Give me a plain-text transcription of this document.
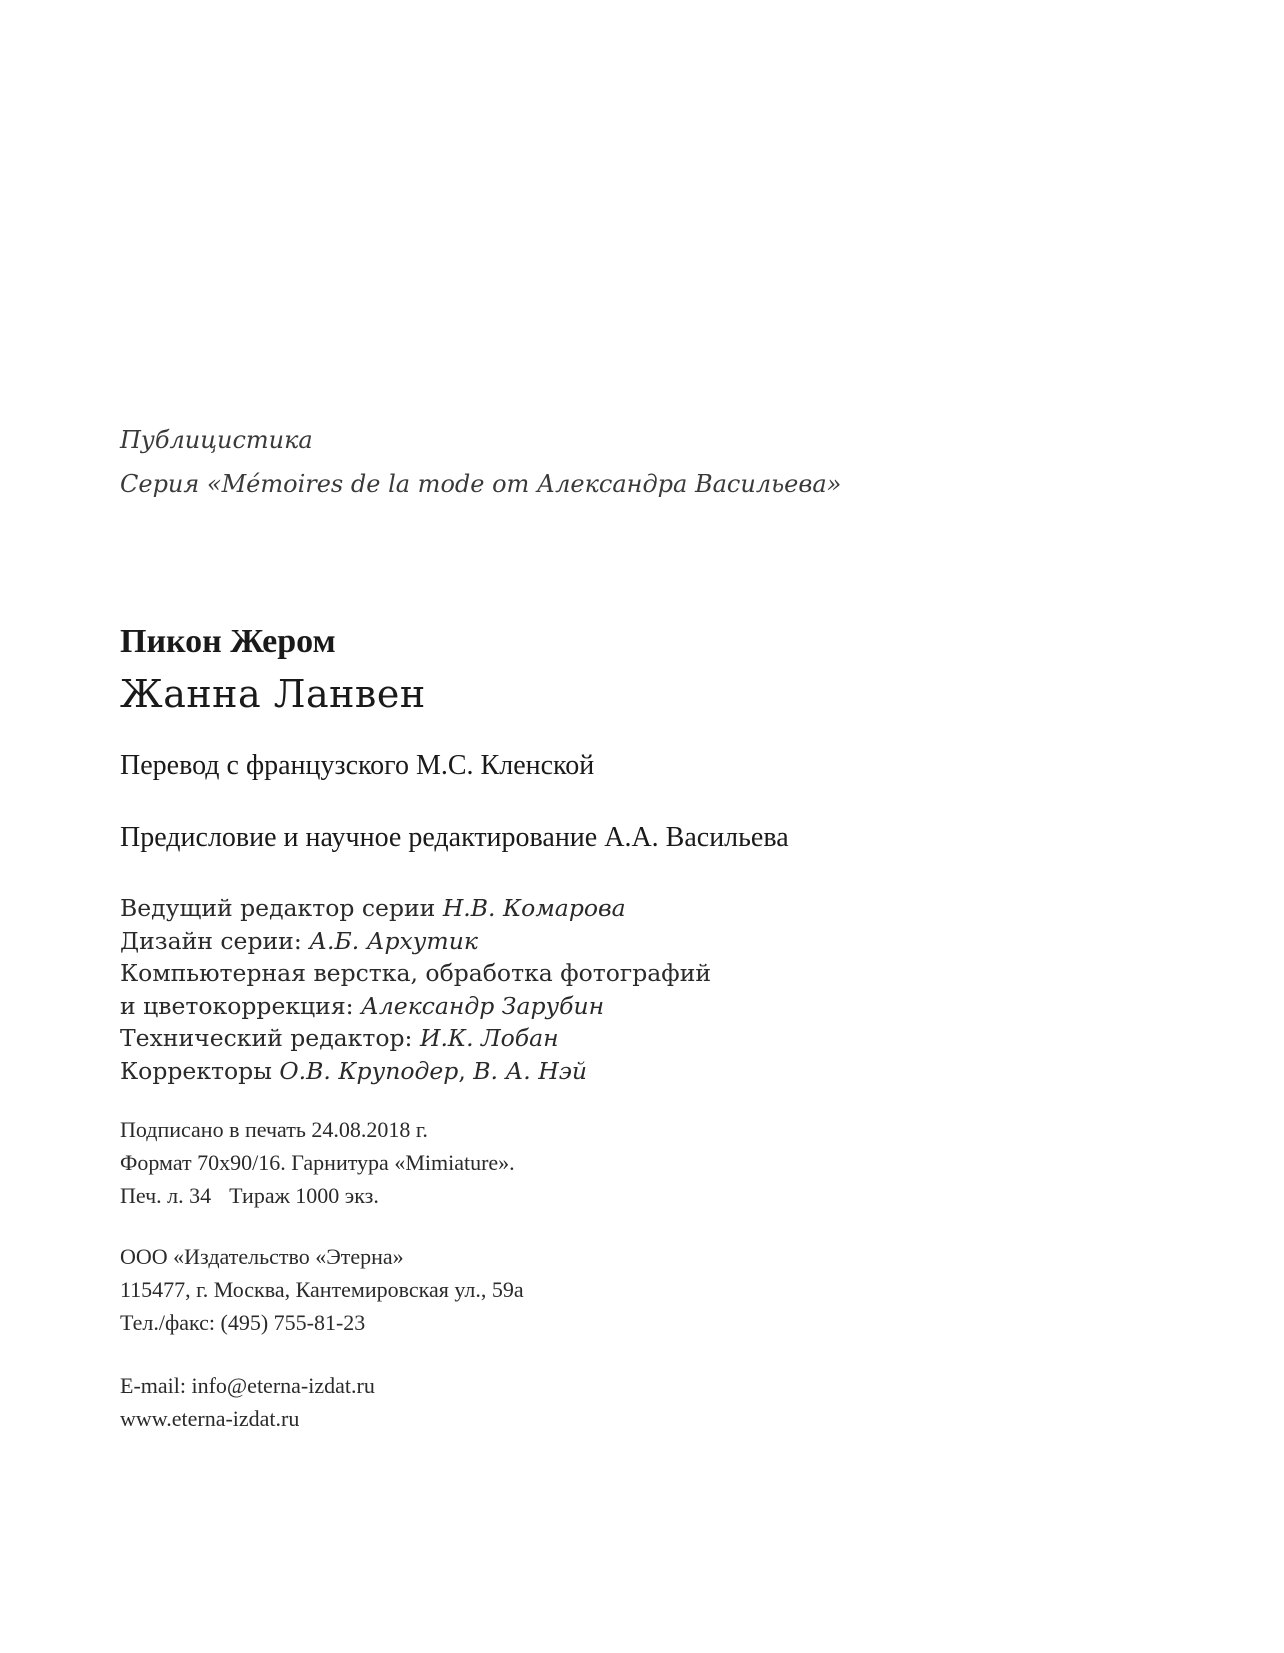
Публицистика

Серия «Mémoires de la mode от Александра Васильева»

Пикон Жером

Жанна Ланвен

Перевод с французского М.С. Кленской

Предисловие и научное редактирование А.А. Васильева

Ведущий редактор серии Н.В. Комарова
Дизайн серии: А.Б. Архутик
Компьютерная верстка, обработка фотографий
и цветокоррекция: Александр Зарубин
Технический редактор: И.К. Лобан
Корректоры О.В. Круподер, В. А. Нэй
Подписано в печать 24.08.2018 г.
Формат 70x90/16. Гарнитура «Mimiature».
Печ. л. 34 Тираж 1000 экз.
ООО «Издательство «Этерна»
115477, г. Москва, Кантемировская ул., 59а
Тел./факс: (495) 755-81-23
E-mail: info@eterna-izdat.ru
www.eterna-izdat.ru
